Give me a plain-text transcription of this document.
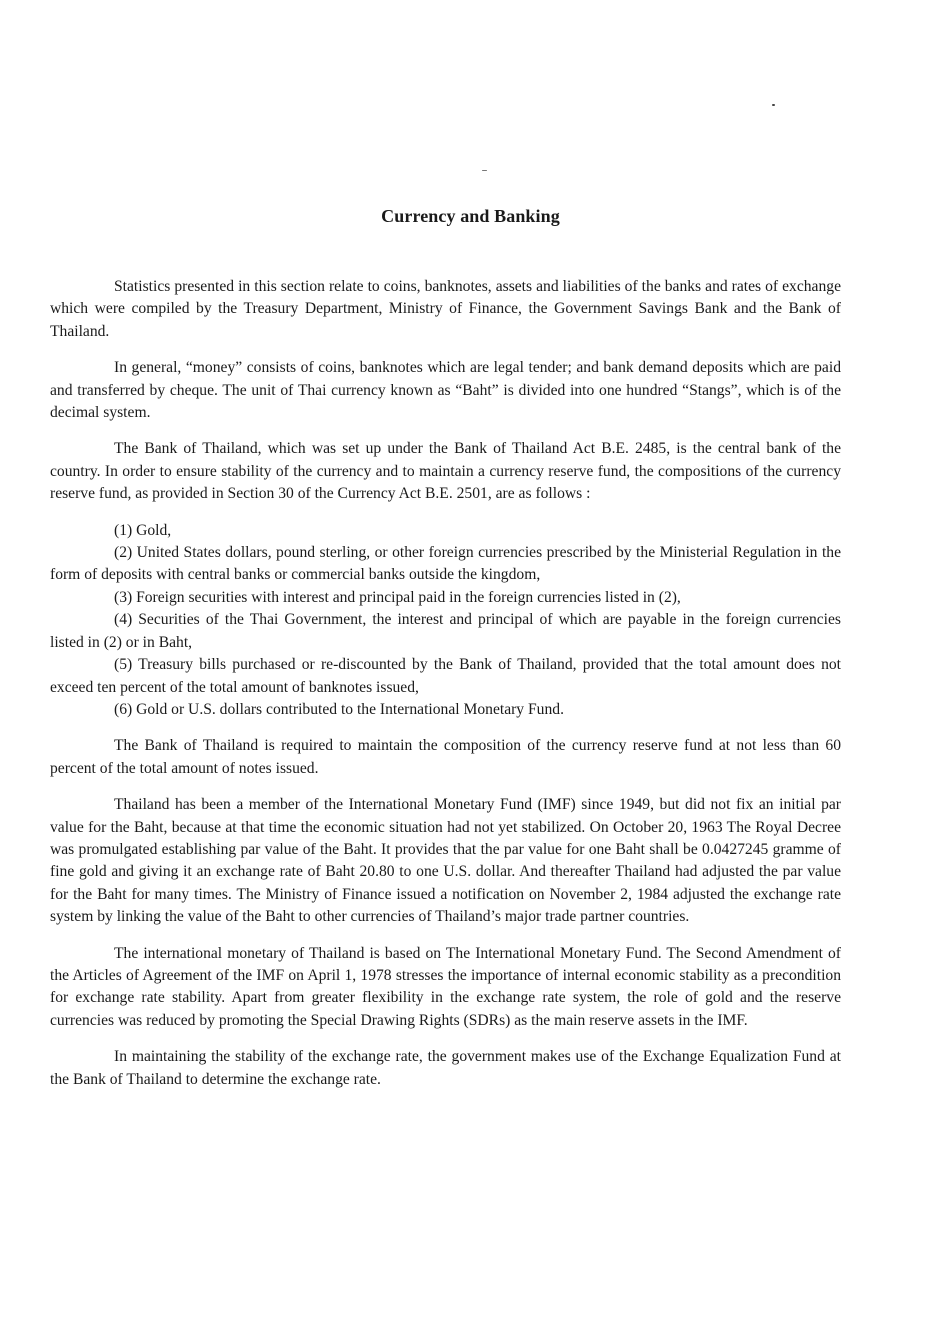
Currency and Banking

Statistics presented in this section relate to coins, banknotes, assets and liabilities of the banks and rates of exchange which were compiled by the Treasury Department, Ministry of Finance, the Government Savings Bank and the Bank of Thailand.

In general, “money” consists of coins, banknotes which are legal tender; and bank demand deposits which are paid and transferred by cheque. The unit of Thai currency known as “Baht” is divided into one hundred “Stangs”, which is of the decimal system.

The Bank of Thailand, which was set up under the Bank of Thailand Act B.E. 2485, is the central bank of the country. In order to ensure stability of the currency and to maintain a currency reserve fund, the compositions of the currency reserve fund, as provided in Section 30 of the Currency Act B.E. 2501, are as follows :

(1) Gold,

(2) United States dollars, pound sterling, or other foreign currencies prescribed by the Ministerial Regulation in the form of deposits with central banks or commercial banks outside the kingdom,

(3) Foreign securities with interest and principal paid in the foreign currencies listed in (2),

(4) Securities of the Thai Government, the interest and principal of which are payable in the foreign currencies listed in (2) or in Baht,

(5) Treasury bills purchased or re-discounted by the Bank of Thailand, provided that the total amount does not exceed ten percent of the total amount of banknotes issued,

(6) Gold or U.S. dollars contributed to the International Monetary Fund.

The Bank of Thailand is required to maintain the composition of the currency reserve fund at not less than 60 percent of the total amount of notes issued.

Thailand has been a member of the International Monetary Fund (IMF) since 1949, but did not fix an initial par value for the Baht, because at that time the economic situation had not yet stabilized. On October 20, 1963 The Royal Decree was promulgated establishing par value of the Baht. It provides that the par value for one Baht shall be 0.0427245 gramme of fine gold and giving it an exchange rate of Baht 20.80 to one U.S. dollar. And thereafter Thailand had adjusted the par value for the Baht for many times. The Ministry of Finance issued a notification on November 2, 1984 adjusted the exchange rate system by linking the value of the Baht to other currencies of Thailand’s major trade partner countries.

The international monetary of Thailand is based on The International Monetary Fund. The Second Amendment of the Articles of Agreement of the IMF on April 1, 1978 stresses the importance of internal economic stability as a precondition for exchange rate stability. Apart from greater flexibility in the exchange rate system, the role of gold and the reserve currencies was reduced by promoting the Special Drawing Rights (SDRs) as the main reserve assets in the IMF.

In maintaining the stability of the exchange rate, the government makes use of the Exchange Equalization Fund at the Bank of Thailand to determine the exchange rate.
